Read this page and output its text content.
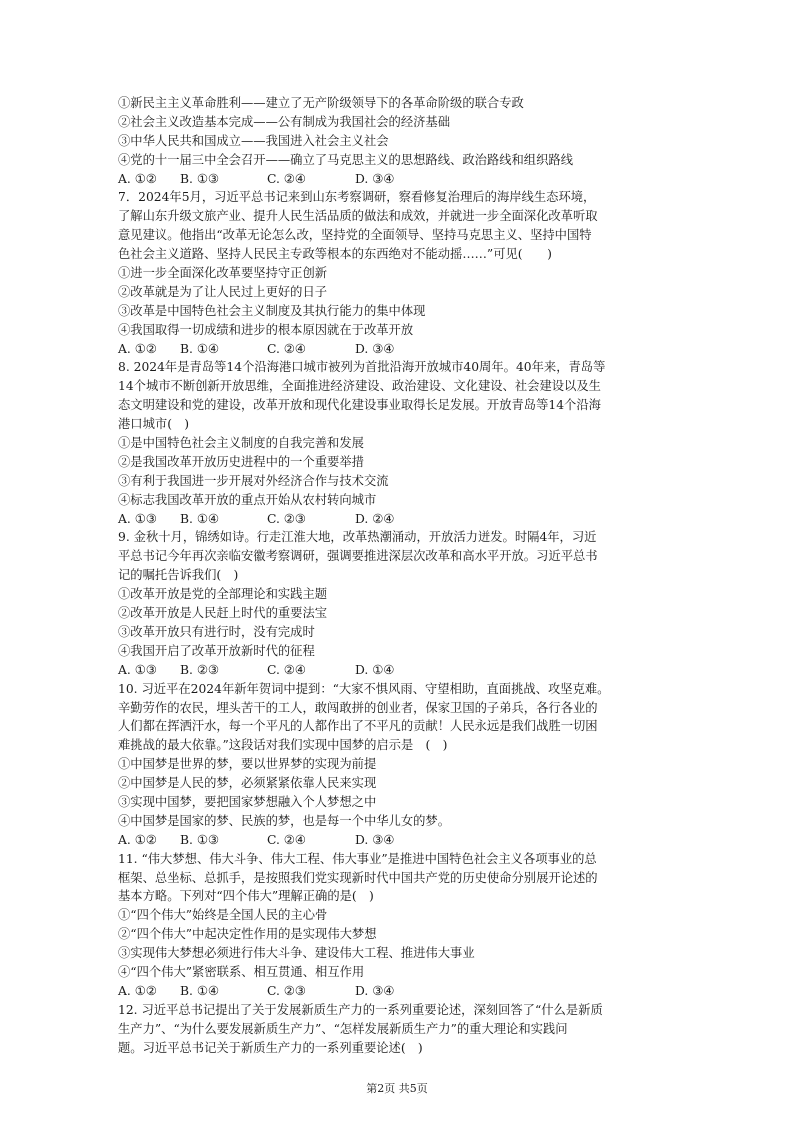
①新民主主义革命胜利——建立了无产阶级领导下的各革命阶级的联合专政
②社会主义改造基本完成——公有制成为我国社会的经济基础
③中华人民共和国成立——我国进入社会主义社会
④党的十一届三中全会召开——确立了马克思主义的思想路线、政治路线和组织路线
A. ①②	B. ①③	C. ②④	D. ③④
7．2024年5月，习近平总书记来到山东考察调研，察看修复治理后的海岸线生态环境，
了解山东升级文旅产业、提升人民生活品质的做法和成效，并就进一步全面深化改革听取
意见建议。他指出“改革无论怎么改，坚持党的全面领导、坚持马克思主义、坚持中国特
色社会主义道路、坚持人民民主专政等根本的东西绝对不能动摇……”可见(　　)
①进一步全面深化改革要坚持守正创新
②改革就是为了让人民过上更好的日子
③改革是中国特色社会主义制度及其执行能力的集中体现
④我国取得一切成绩和进步的根本原因就在于改革开放
A. ①②	B. ①④	C. ②④	D. ③④
8. 2024年是青岛等14个沿海港口城市被列为首批沿海开放城市40周年。40年来，青岛等
14个城市不断创新开放思维，全面推进经济建设、政治建设、文化建设、社会建设以及生
态文明建设和党的建设，改革开放和现代化建设事业取得长足发展。开放青岛等14个沿海
港口城市(　)
①是中国特色社会主义制度的自我完善和发展
②是我国改革开放历史进程中的一个重要举措
③有利于我国进一步开展对外经济合作与技术交流
④标志我国改革开放的重点开始从农村转向城市
A. ①③	B. ①④	C. ②③	D. ②④
9. 金秋十月，锦绣如诗。行走江淮大地，改革热潮涌动，开放活力迸发。时隔4年，习近
平总书记今年再次亲临安徽考察调研，强调要推进深层次改革和高水平开放。习近平总书
记的嘱托告诉我们(　)
①改革开放是党的全部理论和实践主题
②改革开放是人民赶上时代的重要法宝
③改革开放只有进行时，没有完成时
④我国开启了改革开放新时代的征程
A. ①③	B. ②③	C. ②④	D. ①④
10. 习近平在2024年新年贺词中提到：“大家不惧风雨、守望相助，直面挑战、攻坚克难。
辛勤劳作的农民，埋头苦干的工人，敢闯敢拼的创业者，保家卫国的子弟兵，各行各业的
人们都在挥洒汗水，每一个平凡的人都作出了不平凡的贡献！人民永远是我们战胜一切困
难挑战的最大依靠。”这段话对我们实现中国梦的启示是　(　)
①中国梦是世界的梦，要以世界梦的实现为前提
②中国梦是人民的梦，必须紧紧依靠人民来实现
③实现中国梦，要把国家梦想融入个人梦想之中
④中国梦是国家的梦、民族的梦，也是每一个中华儿女的梦。
A. ①②	B. ①③	C. ②④	D. ③④
11. “伟大梦想、伟大斗争、伟大工程、伟大事业”是推进中国特色社会主义各项事业的总
框架、总坐标、总抓手，是按照我们党实现新时代中国共产党的历史使命分别展开论述的
基本方略。下列对“四个伟大”理解正确的是(　)
①“四个伟大”始终是全国人民的主心骨
②“四个伟大”中起决定性作用的是实现伟大梦想
③实现伟大梦想必须进行伟大斗争、建设伟大工程、推进伟大事业
④“四个伟大”紧密联系、相互贯通、相互作用
A. ①②	B. ①④	C. ②③	D. ③④
12. 习近平总书记提出了关于发展新质生产力的一系列重要论述，深刻回答了“什么是新质
生产力”、“为什么要发展新质生产力”、“怎样发展新质生产力”的重大理论和实践问
题。习近平总书记关于新质生产力的一系列重要论述(　)
第2页 共5页
